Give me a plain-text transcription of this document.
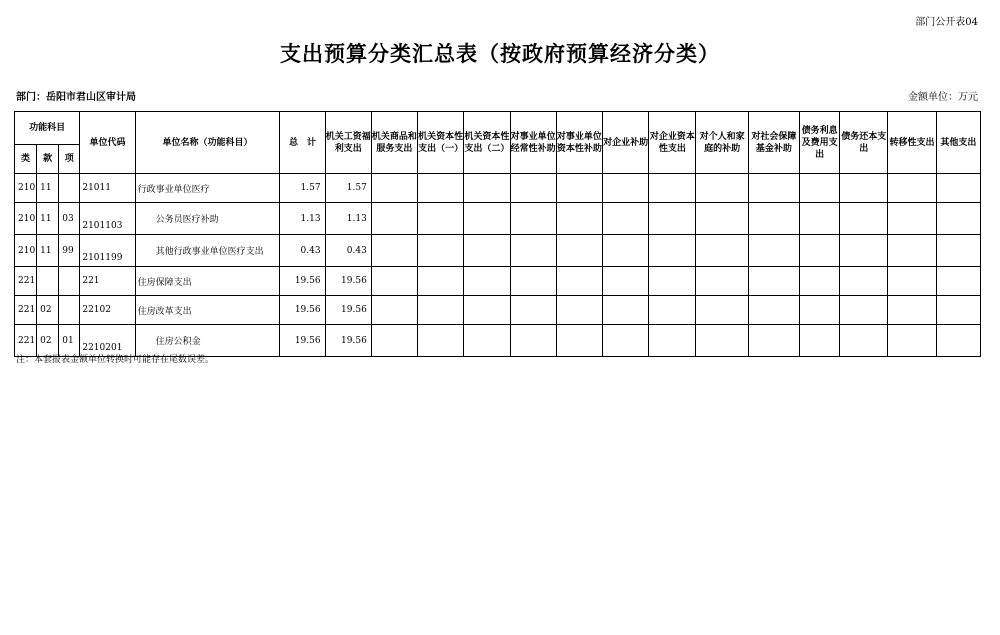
部门公开表04
支出预算分类汇总表（按政府预算经济分类）
部门：岳阳市君山区审计局	金额单位：万元
功能科目			单位代码	单位名称（功能科目）	总　计	机关工资福利支出	机关商品和服务支出	机关资本性支出（一）	机关资本性支出（二）	对事业单位经常性补助	对事业单位资本性补助	对企业补助	对企业资本性支出	对个人和家庭的补助	对社会保障基金补助	债务利息及费用支出	债务还本支出	转移性支出	其他支出
类	款	项																	
210	11		21011	行政事业单位医疗	1.57	1.57													
210	11	03	2101103	公务员医疗补助	1.13	1.13													
210	11	99	2101199	其他行政事业单位医疗支出	0.43	0.43													
221			221	住房保障支出	19.56	19.56													
221	02		22102	住房改革支出	19.56	19.56													
221	02	01	2210201	住房公积金	19.56	19.56													
注：本套报表金额单位转换时可能存在尾数误差。
